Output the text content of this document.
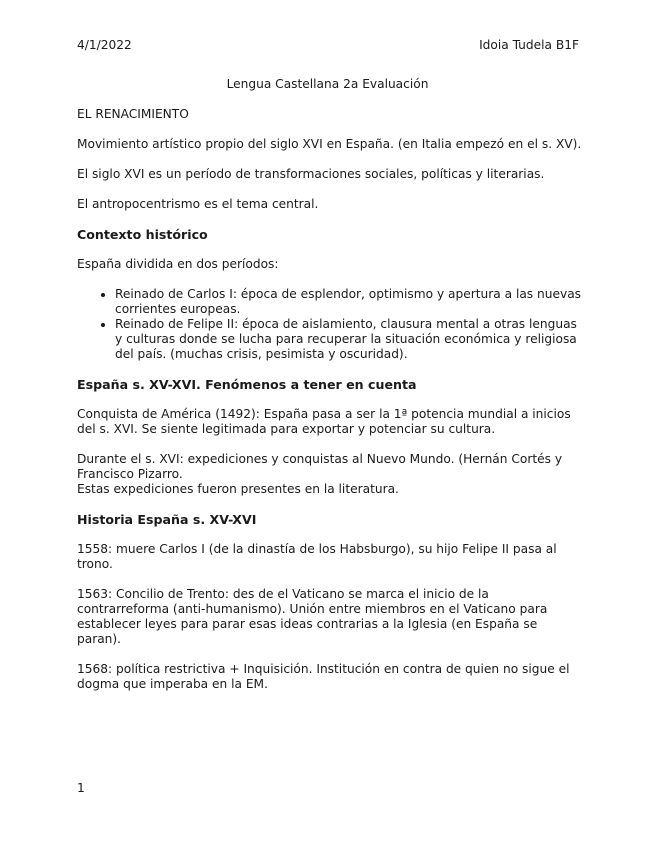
4/1/2022	Idoia Tudela B1F
Lengua Castellana 2a Evaluación

EL RENACIMIENTO

Movimiento artístico propio del siglo XVI en España. (en Italia empezó en el s. XV).

El siglo XVI es un período de transformaciones sociales, políticas y literarias.

El antropocentrismo es el tema central.

Contexto histórico

España dividida en dos períodos:

• Reinado de Carlos I: época de esplendor, optimismo y apertura a las nuevas corrientes europeas.
• Reinado de Felipe II: época de aislamiento, clausura mental a otras lenguas y culturas donde se lucha para recuperar la situación económica y religiosa del país. (muchas crisis, pesimista y oscuridad).
España s. XV-XVI. Fenómenos a tener en cuenta

Conquista de América (1492): España pasa a ser la 1ª potencia mundial a inicios del s. XVI. Se siente legitimada para exportar y potenciar su cultura.

Durante el s. XVI: expediciones y conquistas al Nuevo Mundo. (Hernán Cortés y Francisco Pizarro.

Estas expediciones fueron presentes en la literatura.

Historia España s. XV-XVI

1558: muere Carlos I (de la dinastía de los Habsburgo), su hijo Felipe II pasa al trono.

1563: Concilio de Trento: des de el Vaticano se marca el inicio de la contrarreforma (anti-humanismo). Unión entre miembros en el Vaticano para establecer leyes para parar esas ideas contrarias a la Iglesia (en España se paran).

1568: política restrictiva + Inquisición. Institución en contra de quien no sigue el dogma que imperaba en la EM.

1
